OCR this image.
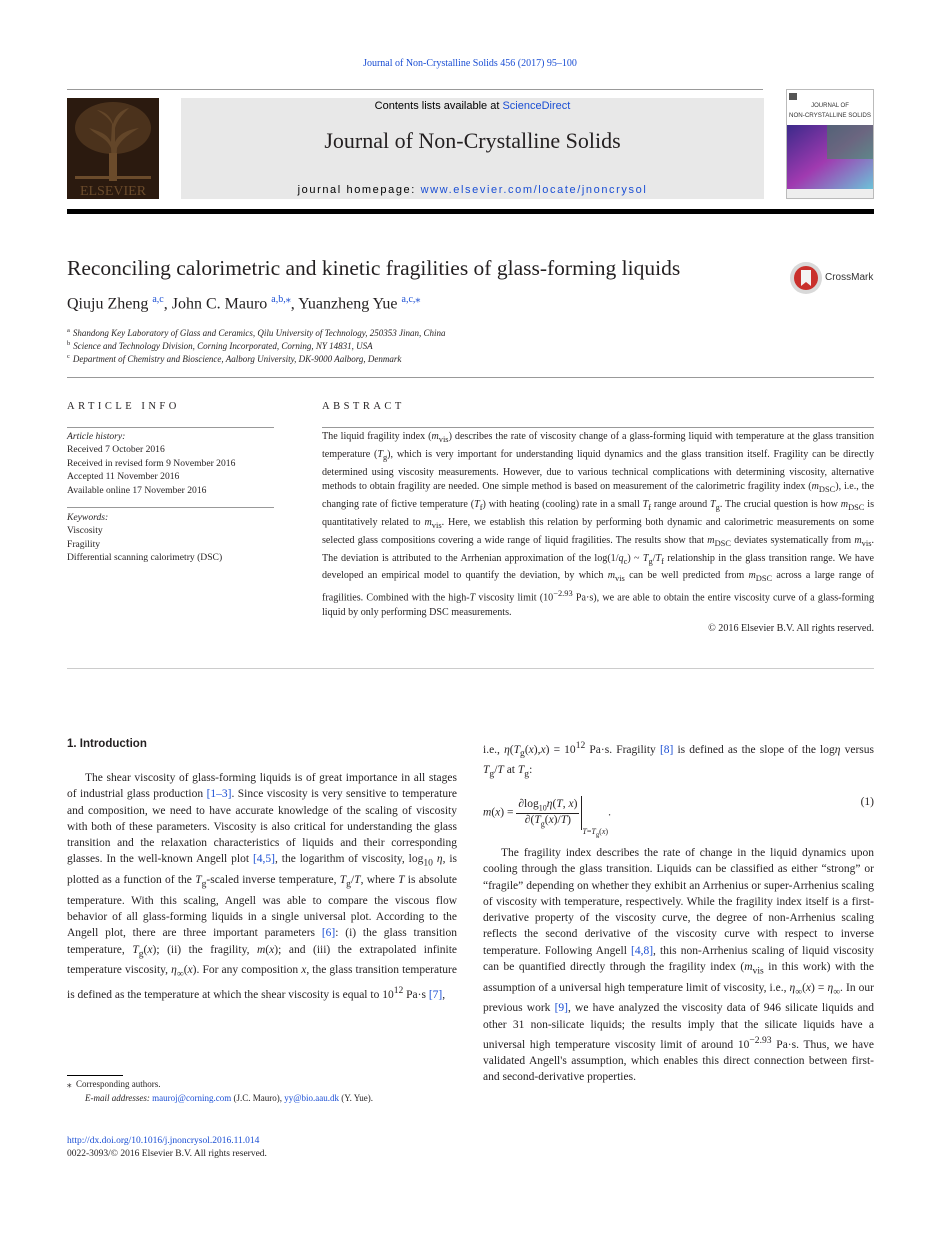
Journal of Non-Crystalline Solids 456 (2017) 95–100
ELSEVIER
Contents lists available at ScienceDirect
Journal of Non-Crystalline Solids
journal homepage: www.elsevier.com/locate/jnoncrysol
JOURNAL OF
NON-CRYSTALLINE SOLIDS
Reconciling calorimetric and kinetic fragilities of glass-forming liquids	CrossMark
Qiuju Zheng $^{a,c}$, John C. Mauro $^{a,b,⁎}$, Yuanzheng Yue $^{a,c,⁎}$
$^a$ Shandong Key Laboratory of Glass and Ceramics, Qilu University of Technology, 250353 Jinan, China
$^b$ Science and Technology Division, Corning Incorporated, Corning, NY 14831, USA
$^c$ Department of Chemistry and Bioscience, Aalborg University, DK-9000 Aalborg, Denmark
ARTICLE INFO	ABSTRACT
Article history:
Received 7 October 2016
Received in revised form 9 November 2016
Accepted 11 November 2016
Available online 17 November 2016
Keywords:
Viscosity
Fragility
Differential scanning calorimetry (DSC)
The liquid fragility index $(m_{vis})$ describes the rate of viscosity change of a glass-forming liquid with temperature at the glass transition temperature $(T_g)$, which is very important for understanding liquid dynamics and the glass transition itself. Fragility can be directly determined using viscosity measurements. However, due to various technical complications with determining viscosity, alternative methods to obtain fragility are needed. One simple method is based on measurement of the calorimetric fragility index $(m_{DSC})$, i.e., the changing rate of fictive temperature $(T_f)$ with heating (cooling) rate in a small $T_f$ range around $T_g$. The crucial question is how $m_{DSC}$ is quantitatively related to $m_{vis}$. Here, we establish this relation by performing both dynamic and calorimetric measurements on some selected glass compositions covering a wide range of liquid fragilities. The results show that $m_{DSC}$ deviates systematically from $m_{vis}$. The deviation is attributed to the Arrhenian approximation of the $\log(1/q_c)$ ~ $T_g/T_f$ relationship in the glass transition range. We have developed an empirical model to quantify the deviation, by which $m_{vis}$ can be well predicted from $m_{DSC}$ across a large range of fragilities. Combined with the high-T viscosity limit ($10^{-2.93}$ Pa·s), we are able to obtain the entire viscosity curve of a glass-forming liquid by only performing DSC measurements.
© 2016 Elsevier B.V. All rights reserved.
1. Introduction

The shear viscosity of glass-forming liquids is of great importance in all stages of industrial glass production [1–3]. Since viscosity is very sensitive to temperature and composition, we need to have accurate knowledge of the scaling of viscosity with both of these parameters. Viscosity is also critical for understanding the glass transition and the relaxation characteristics of liquids and their corresponding glasses. In the well-known Angell plot [4,5], the logarithm of viscosity, $\log_{10} \eta$, is plotted as a function of the $T_g$-scaled inverse temperature, $T_g/T$, where T is absolute temperature. With this scaling, Angell was able to compare the viscous flow behavior of all glass-forming liquids in a single universal plot. According to the Angell plot, there are three important parameters [6]: (i) the glass transition temperature, $T_g(x)$; (ii) the fragility, m(x); and (iii) the extrapolated infinite temperature viscosity, $\eta_\infty(x)$. For any composition x, the glass transition temperature is defined as the temperature at which the shear viscosity is equal to $10^{12}$ Pa·s [7],

i.e., $\eta(T_g(x),x) = 10^{12}$ Pa·s. Fragility [8] is defined as the slope of the logη versus $T_g/T$ at $T_g$:
$m(x) = \frac{\partial\log_{10}\eta(T, x)}{\partial(T_g(x)/T)}$
$_{T=T_g(x)}$.
(1)

The fragility index describes the rate of change in the liquid dynamics upon cooling through the glass transition. Liquids can be classified as either “strong” or “fragile” depending on whether they exhibit an Arrhenius or super-Arrhenius scaling of viscosity with temperature, respectively. While the fragility index itself is a first-derivative property of the viscosity curve, the degree of non-Arrhenius scaling reflects the second derivative of the viscosity curve with respect to inverse temperature. Following Angell [4,8], this non-Arrhenius scaling of liquid viscosity can be quantified directly through the fragility index ($m_{vis}$ in this work) with the assumption of a universal high temperature limit of viscosity, i.e., $\eta_\infty(x) = \eta_\infty$. In our previous work [9], we have analyzed the viscosity data of 946 silicate liquids and other 31 non-silicate liquids; the results imply that the silicate liquids have a universal high temperature viscosity limit of around $10^{-2.93}$ Pa·s. Thus, we have validated Angell's assumption, which enables this direct connection between first- and second-derivative properties.

⁎ Corresponding authors.
E-mail addresses: mauroj@corning.com (J.C. Mauro), yy@bio.aau.dk (Y. Yue).
http://dx.doi.org/10.1016/j.jnoncrysol.2016.11.014
0022-3093/© 2016 Elsevier B.V. All rights reserved.
